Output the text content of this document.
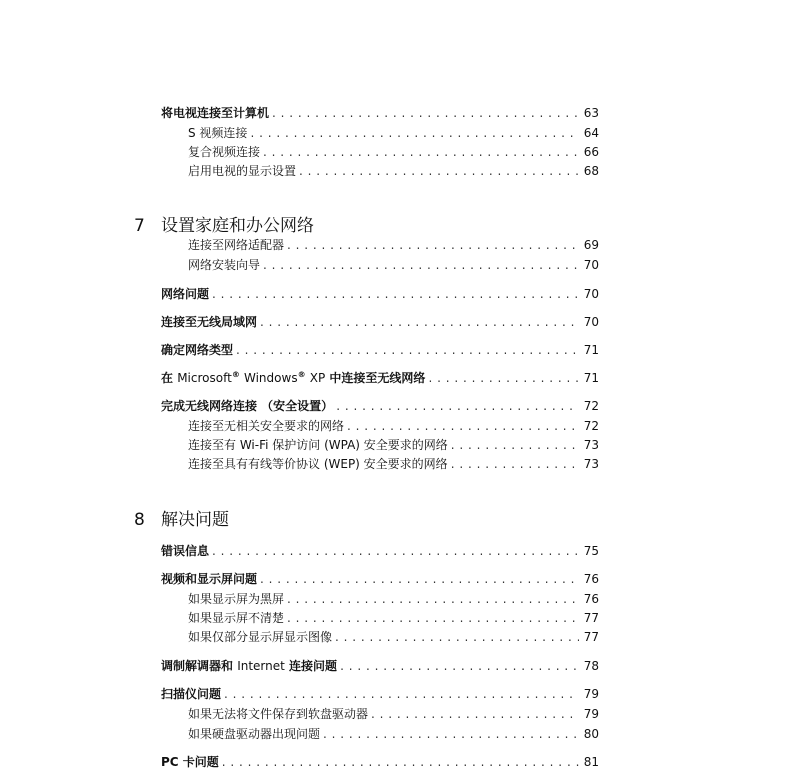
将电视连接至计算机 . . .	63
S 视频连接 . . .	64
复合视频连接 . . .	66
启用电视的显示设置 . . .	68
7 设置家庭和办公网络
连接至网络适配器 . . .	69
网络安装向导 . . .	70
网络问题 . . .	70
连接至无线局域网 . . .	70
确定网络类型 . . .	71
在 Microsoft® Windows® XP 中连接至无线网络 . . .	71
完成无线网络连接 （安全设置） . . .	72
连接至无相关安全要求的网络 . . .	72
连接至有 Wi-Fi 保护访问 (WPA) 安全要求的网络 . . .	73
连接至具有有线等价协议 (WEP) 安全要求的网络 . . .	73
8 解决问题
错误信息 . . .	75
视频和显示屏问题 . . .	76
如果显示屏为黑屏 . . .	76
如果显示屏不清楚 . . .	77
如果仅部分显示屏显示图像 . . .	77
调制解调器和 Internet 连接问题 . . .	78
扫描仪问题 . . .	79
如果无法将文件保存到软盘驱动器 . . .	79
如果硬盘驱动器出现问题 . . .	80
PC 卡问题 . . .	81
